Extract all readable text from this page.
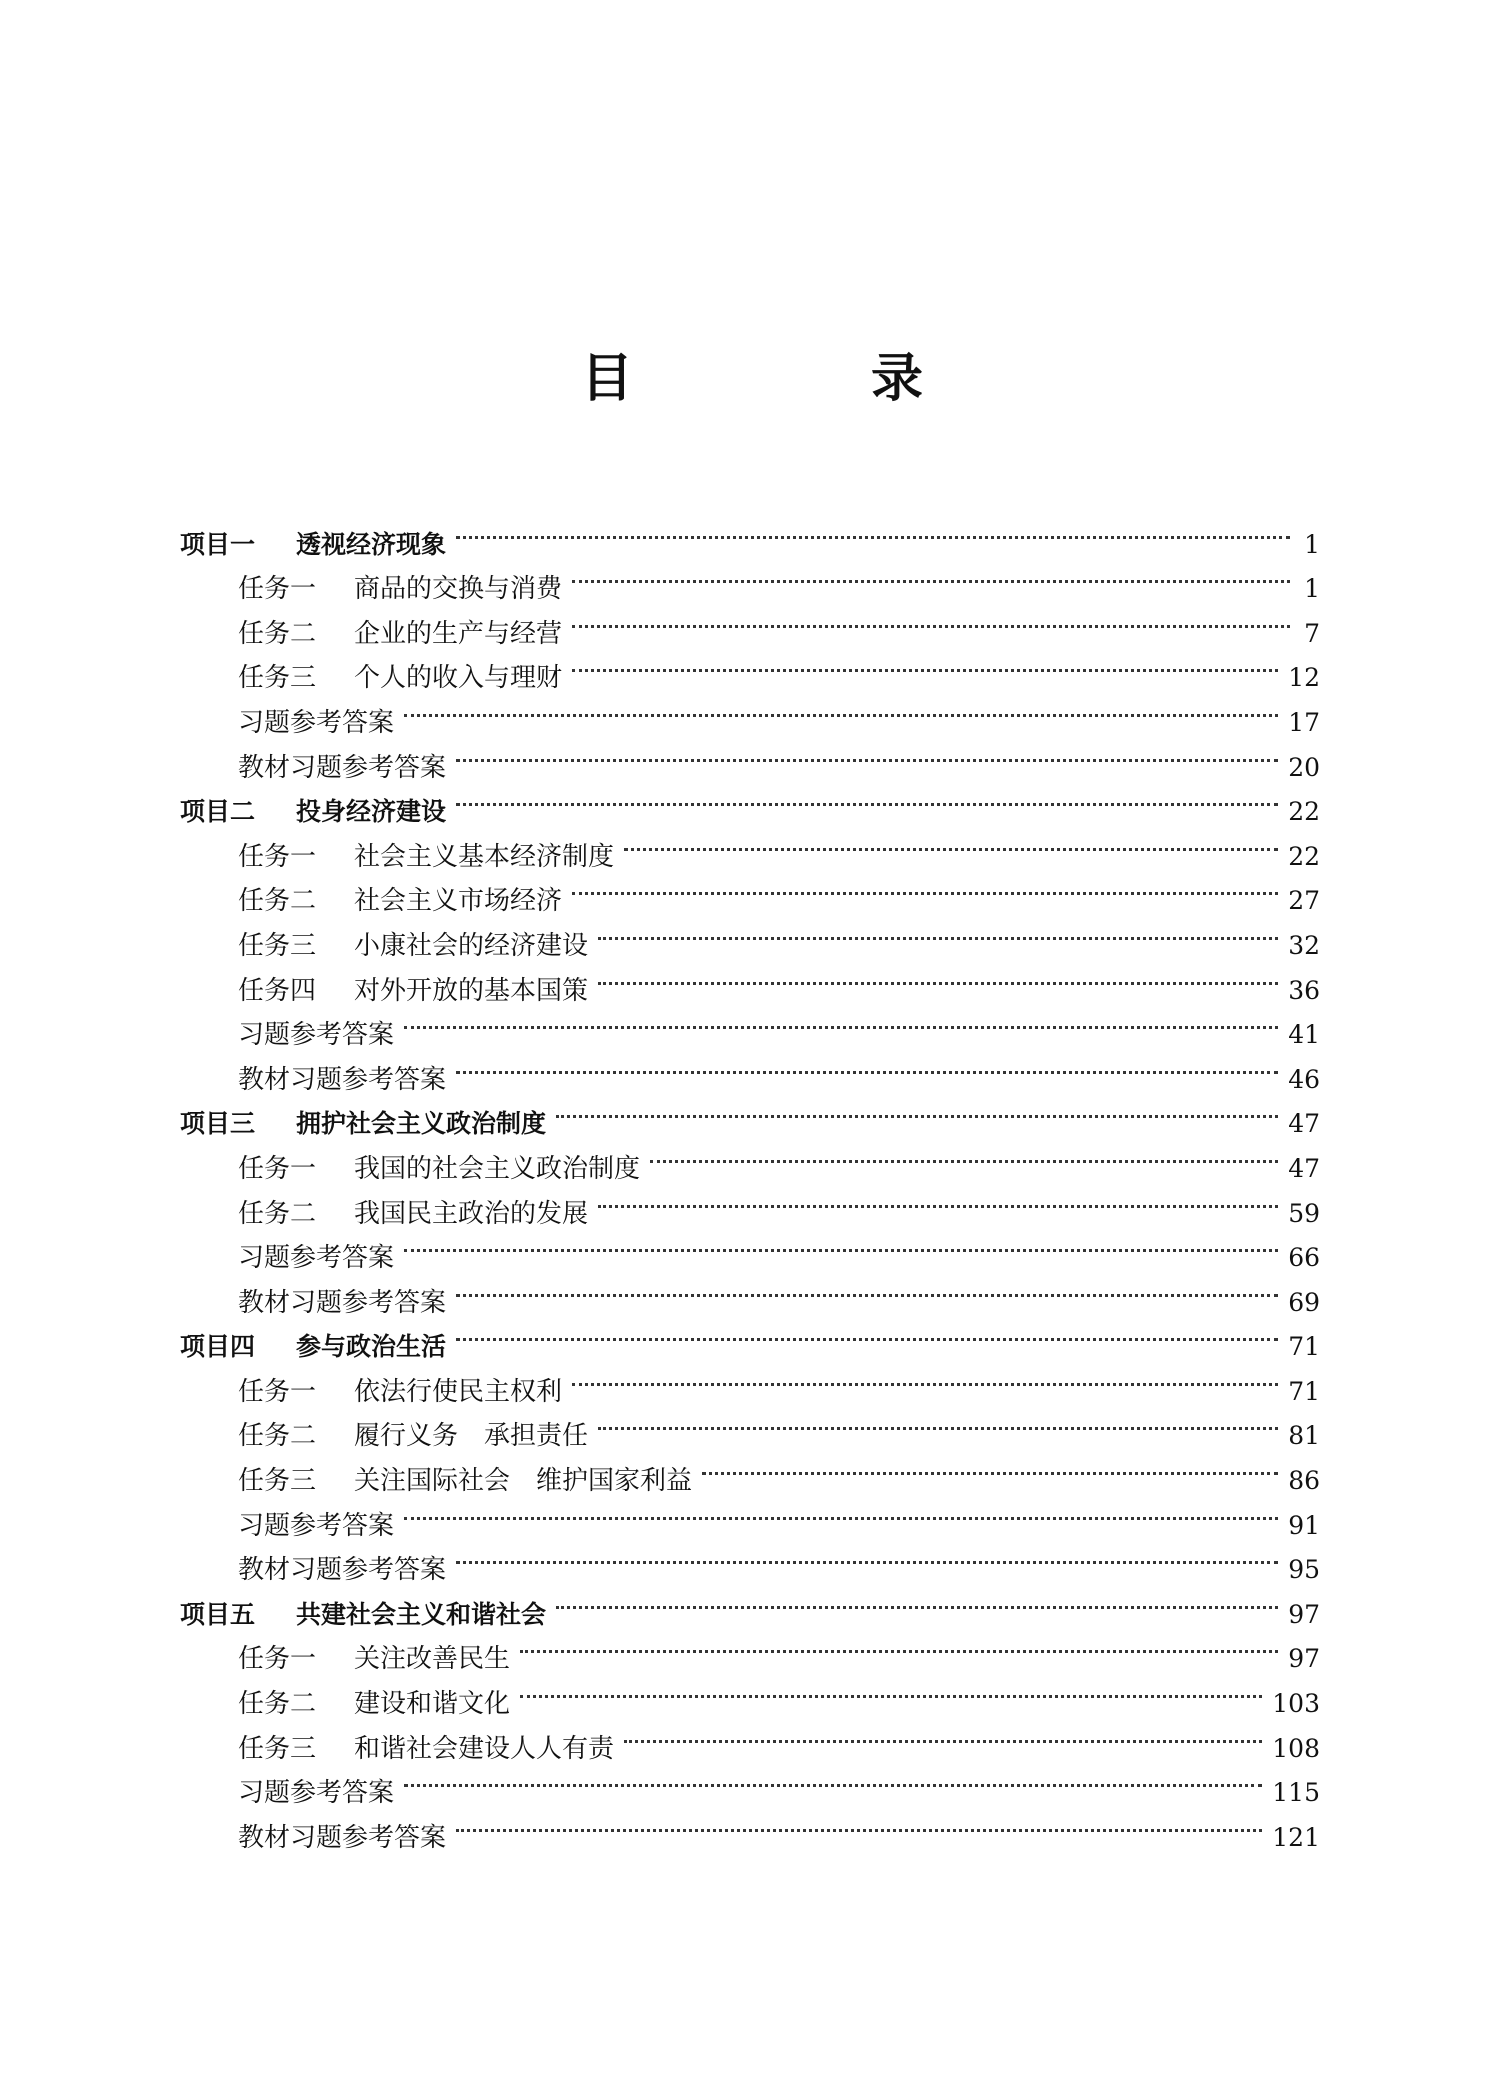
目 录
项目一	透视经济现象	1
任务一	商品的交换与消费	1
任务二	企业的生产与经营	7
任务三	个人的收入与理财	12
习题参考答案	17
教材习题参考答案	20
项目二	投身经济建设	22
任务一	社会主义基本经济制度	22
任务二	社会主义市场经济	27
任务三	小康社会的经济建设	32
任务四	对外开放的基本国策	36
习题参考答案	41
教材习题参考答案	46
项目三	拥护社会主义政治制度	47
任务一	我国的社会主义政治制度	47
任务二	我国民主政治的发展	59
习题参考答案	66
教材习题参考答案	69
项目四	参与政治生活	71
任务一	依法行使民主权利	71
任务二	履行义务　承担责任	81
任务三	关注国际社会　维护国家利益	86
习题参考答案	91
教材习题参考答案	95
项目五	共建社会主义和谐社会	97
任务一	关注改善民生	97
任务二	建设和谐文化	103
任务三	和谐社会建设人人有责	108
习题参考答案	115
教材习题参考答案	121
